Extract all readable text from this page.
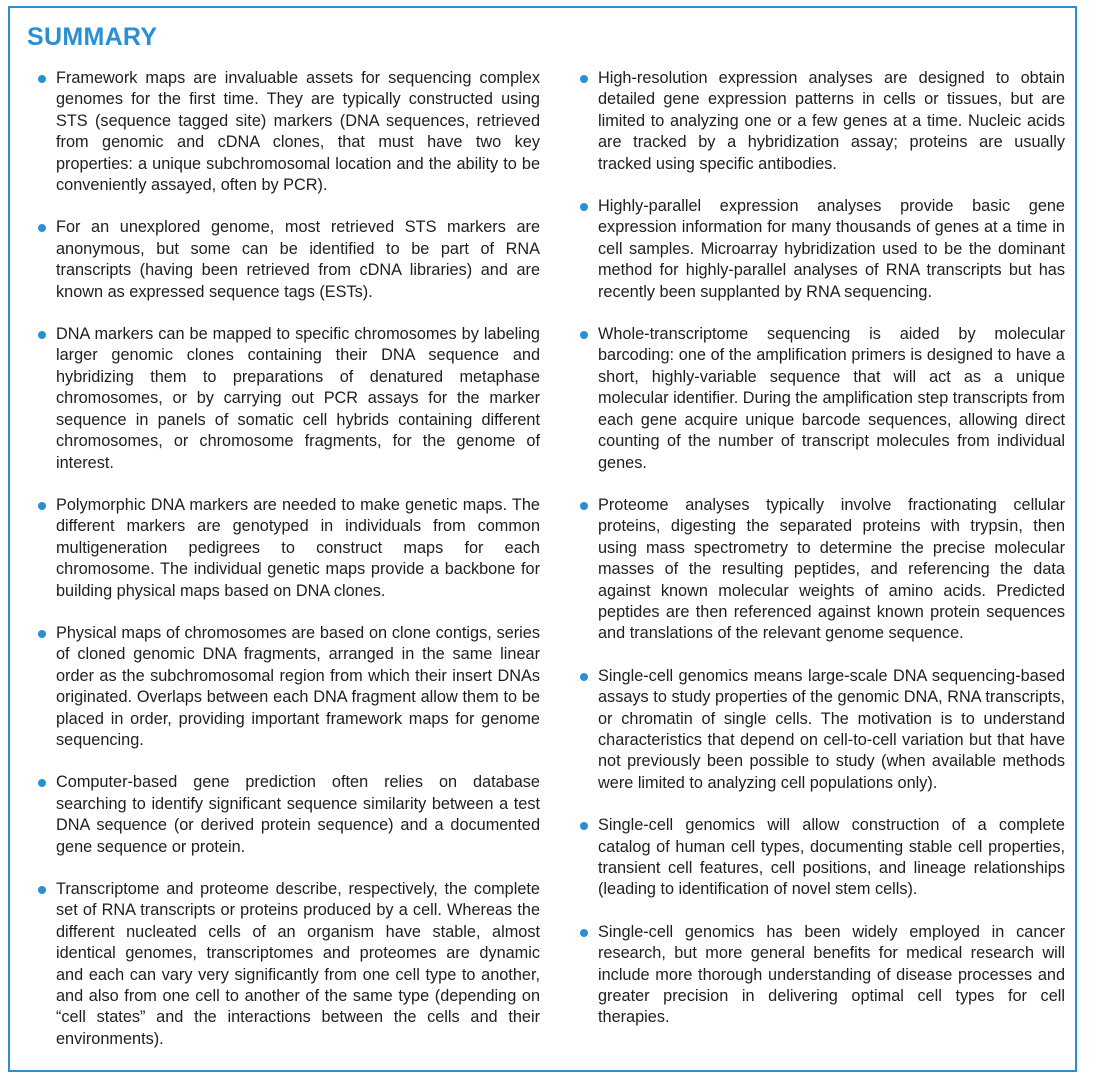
SUMMARY
Framework maps are invaluable assets for sequencing complex genomes for the first time. They are typically constructed using STS (sequence tagged site) markers (DNA sequences, retrieved from genomic and cDNA clones, that must have two key properties: a unique subchromosomal location and the ability to be conveniently assayed, often by PCR).
For an unexplored genome, most retrieved STS markers are anonymous, but some can be identified to be part of RNA transcripts (having been retrieved from cDNA libraries) and are known as expressed sequence tags (ESTs).
DNA markers can be mapped to specific chromosomes by labeling larger genomic clones containing their DNA sequence and hybridizing them to preparations of denatured metaphase chromosomes, or by carrying out PCR assays for the marker sequence in panels of somatic cell hybrids containing different chromosomes, or chromosome fragments, for the genome of interest.
Polymorphic DNA markers are needed to make genetic maps. The different markers are genotyped in individuals from common multigeneration pedigrees to construct maps for each chromosome. The individual genetic maps provide a backbone for building physical maps based on DNA clones.
Physical maps of chromosomes are based on clone contigs, series of cloned genomic DNA fragments, arranged in the same linear order as the subchromosomal region from which their insert DNAs originated. Overlaps between each DNA fragment allow them to be placed in order, providing important framework maps for genome sequencing.
Computer-based gene prediction often relies on database searching to identify significant sequence similarity between a test DNA sequence (or derived protein sequence) and a documented gene sequence or protein.
Transcriptome and proteome describe, respectively, the complete set of RNA transcripts or proteins produced by a cell. Whereas the different nucleated cells of an organism have stable, almost identical genomes, transcriptomes and proteomes are dynamic and each can vary very significantly from one cell type to another, and also from one cell to another of the same type (depending on “cell states” and the interactions between the cells and their environments).
High-resolution expression analyses are designed to obtain detailed gene expression patterns in cells or tissues, but are limited to analyzing one or a few genes at a time. Nucleic acids are tracked by a hybridization assay; proteins are usually tracked using specific antibodies.
Highly-parallel expression analyses provide basic gene expression information for many thousands of genes at a time in cell samples. Microarray hybridization used to be the dominant method for highly-parallel analyses of RNA transcripts but has recently been supplanted by RNA sequencing.
Whole-transcriptome sequencing is aided by molecular barcoding: one of the amplification primers is designed to have a short, highly-variable sequence that will act as a unique molecular identifier. During the amplification step transcripts from each gene acquire unique barcode sequences, allowing direct counting of the number of transcript molecules from individual genes.
Proteome analyses typically involve fractionating cellular proteins, digesting the separated proteins with trypsin, then using mass spectrometry to determine the precise molecular masses of the resulting peptides, and referencing the data against known molecular weights of amino acids. Predicted peptides are then referenced against known protein sequences and translations of the relevant genome sequence.
Single-cell genomics means large-scale DNA sequencing-based assays to study properties of the genomic DNA, RNA transcripts, or chromatin of single cells. The motivation is to understand characteristics that depend on cell-to-cell variation but that have not previously been possible to study (when available methods were limited to analyzing cell populations only).
Single-cell genomics will allow construction of a complete catalog of human cell types, documenting stable cell properties, transient cell features, cell positions, and lineage relationships (leading to identification of novel stem cells).
Single-cell genomics has been widely employed in cancer research, but more general benefits for medical research will include more thorough understanding of disease processes and greater precision in delivering optimal cell types for cell therapies.
